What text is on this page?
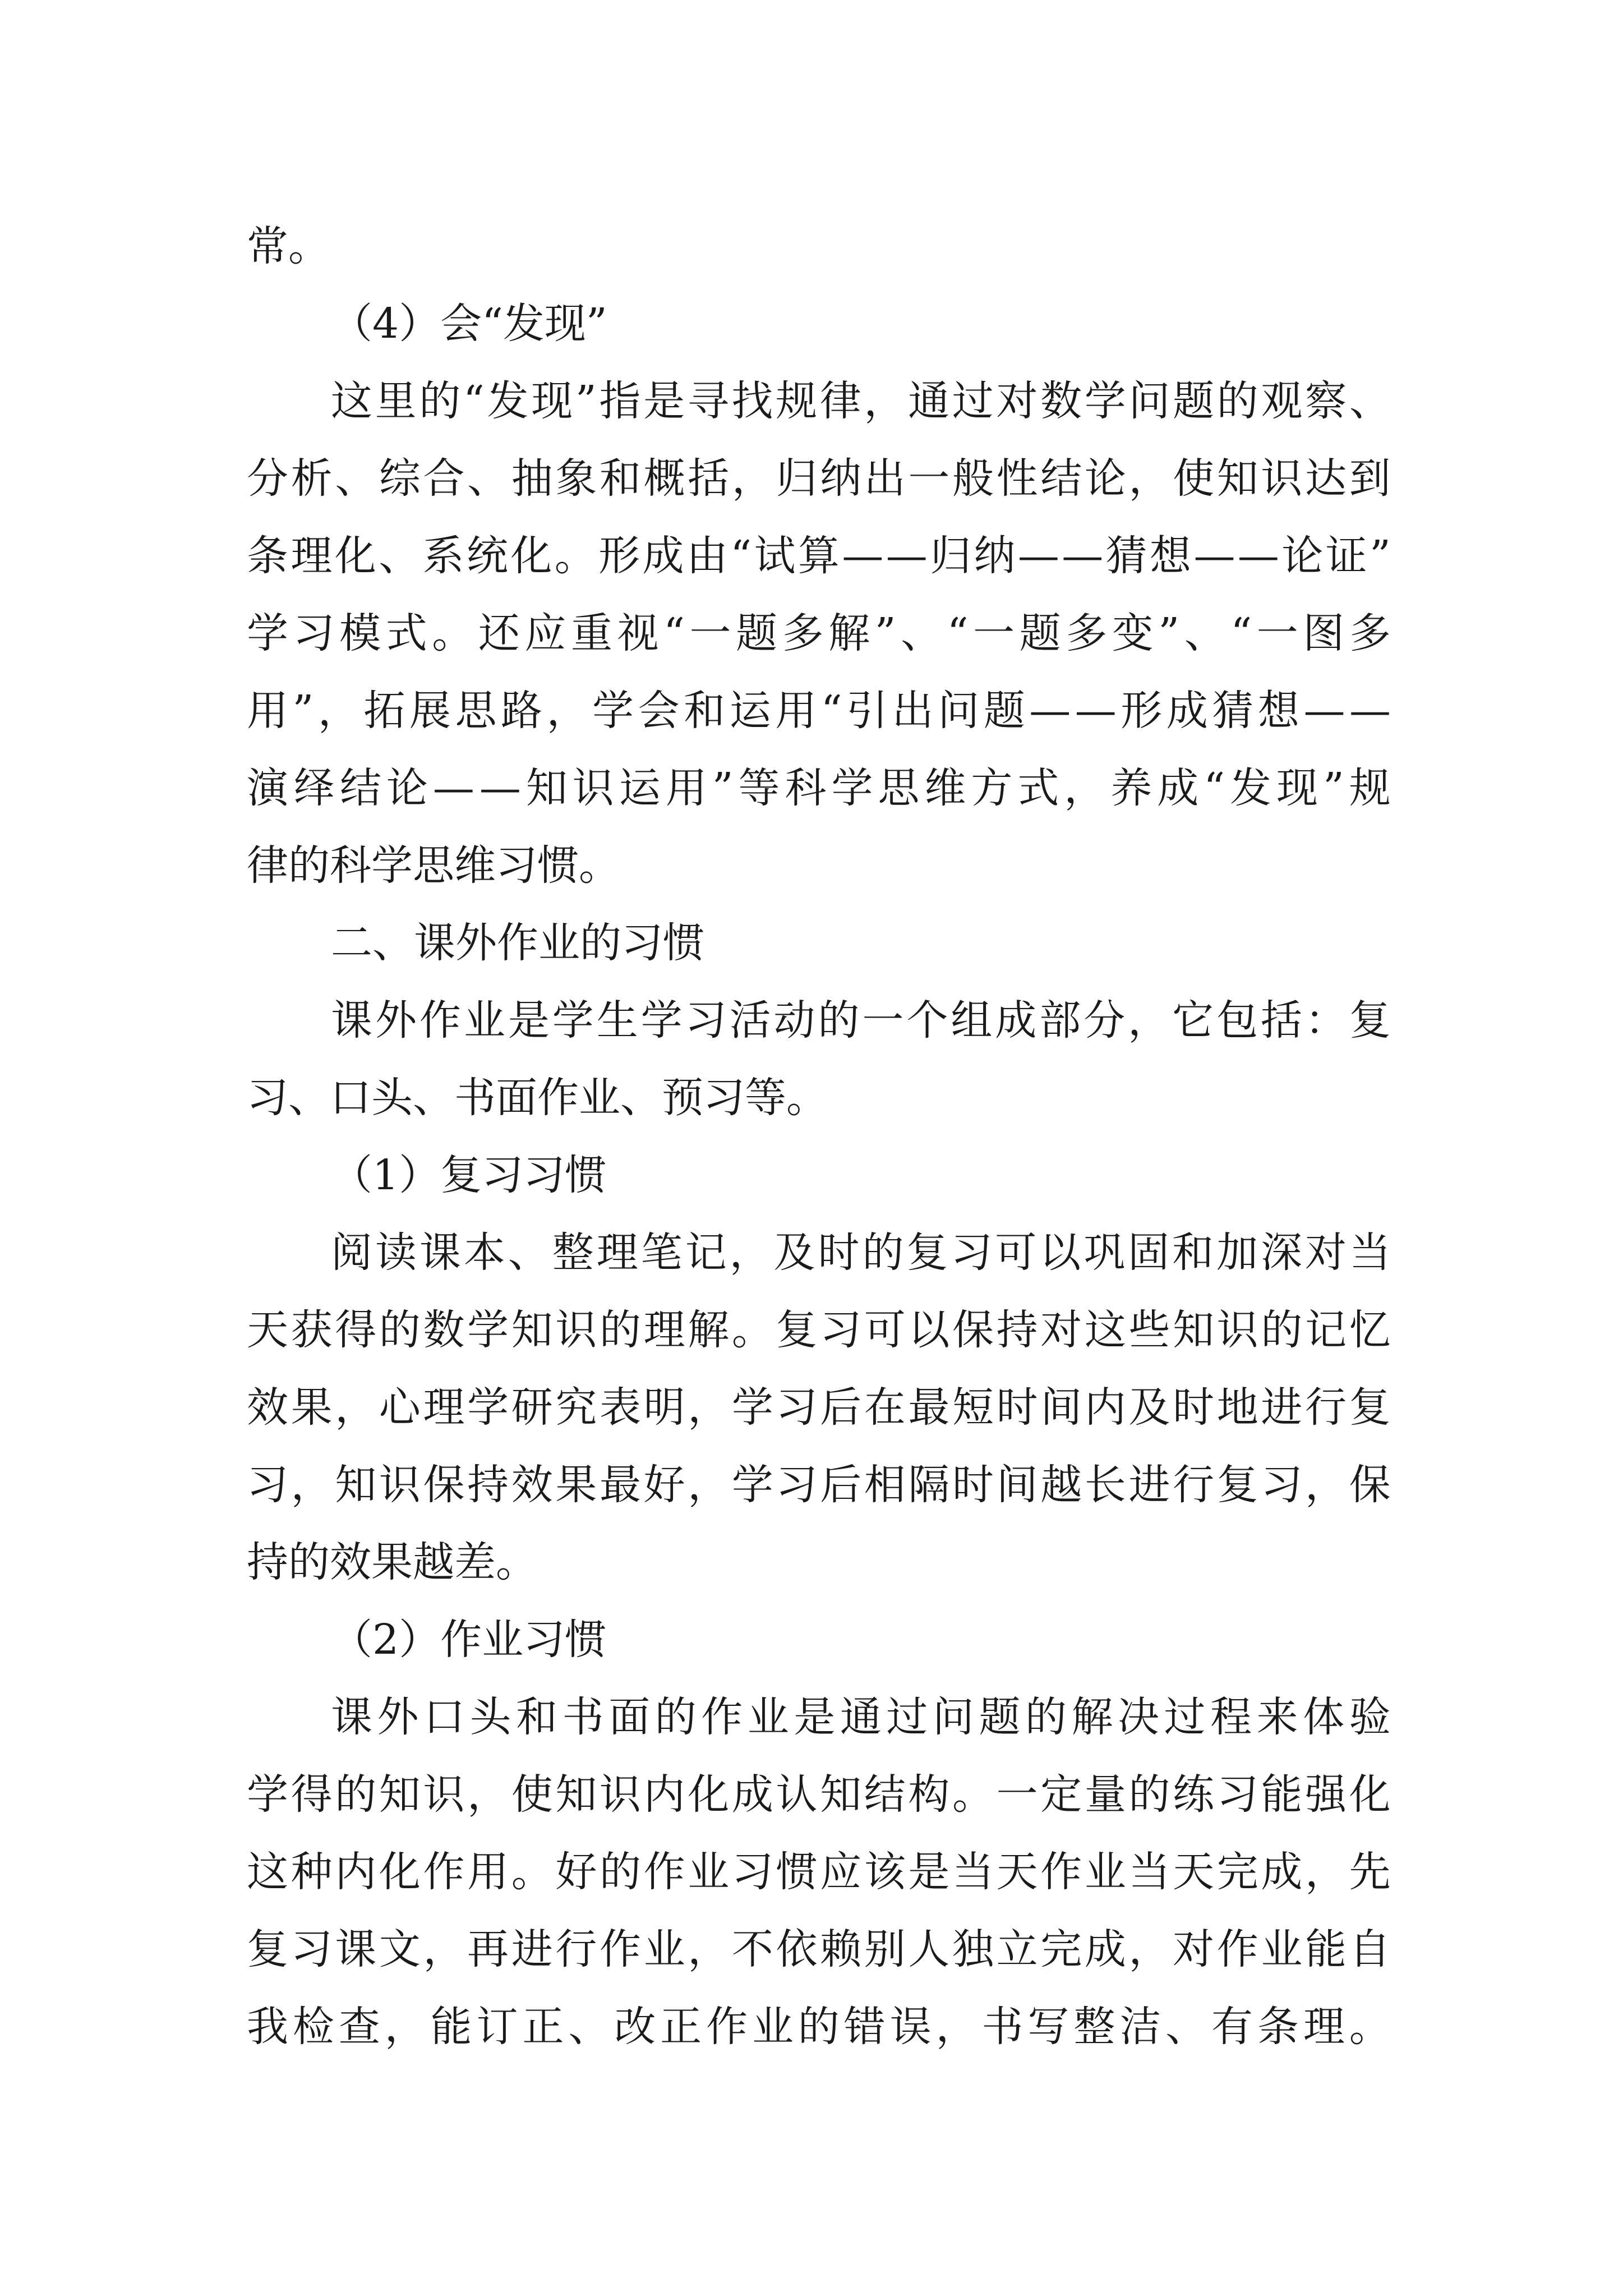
常。
（4）会“发现”
这 里 的 “ 发 现 ” 指 是 寻 找 规 律 ， 通 过 对 数 学 问 题 的 观 察 、
分 析 、 综 合 、 抽 象 和 概 括 ， 归 纳 出 一 般 性 结 论 ， 使 知 识 达 到
条 理 化 、 系 统 化 。 形 成 由 “ 试 算 — — 归 纳 — — 猜 想 — — 论 证 ”
学 习 模 式 。 还 应 重 视 “ 一 题 多 解 ” 、 “ 一 题 多 变 ” 、 “ 一 图 多
用 ” ， 拓 展 思 路 ， 学 会 和 运 用 “ 引 出 问 题 — — 形 成 猜 想 — —
演 绎 结 论 — — 知 识 运 用 ” 等 科 学 思 维 方 式 ， 养 成 “ 发 现 ” 规
律的科学思维习惯。
二、课外作业的习惯
课 外 作 业 是 学 生 学 习 活 动 的 一 个 组 成 部 分 ， 它 包 括 ： 复
习、口头、书面作业、预习等。
（1）复习习惯
阅 读 课 本 、 整 理 笔 记 ， 及 时 的 复 习 可 以 巩 固 和 加 深 对 当
天 获 得 的 数 学 知 识 的 理 解 。 复 习 可 以 保 持 对 这 些 知 识 的 记 忆
效 果 ， 心 理 学 研 究 表 明 ， 学 习 后 在 最 短 时 间 内 及 时 地 进 行 复
习 ， 知 识 保 持 效 果 最 好 ， 学 习 后 相 隔 时 间 越 长 进 行 复 习 ， 保
持的效果越差。
（2）作业习惯
课 外 口 头 和 书 面 的 作 业 是 通 过 问 题 的 解 决 过 程 来 体 验
学 得 的 知 识 ， 使 知 识 内 化 成 认 知 结 构 。 一 定 量 的 练 习 能 强 化
这 种 内 化 作 用 。 好 的 作 业 习 惯 应 该 是 当 天 作 业 当 天 完 成 ， 先
复 习 课 文 ， 再 进 行 作 业 ， 不 依 赖 别 人 独 立 完 成 ， 对 作 业 能 自
我 检 查 ， 能 订 正 、 改 正 作 业 的 错 误 ， 书 写 整 洁 、 有 条 理 。
